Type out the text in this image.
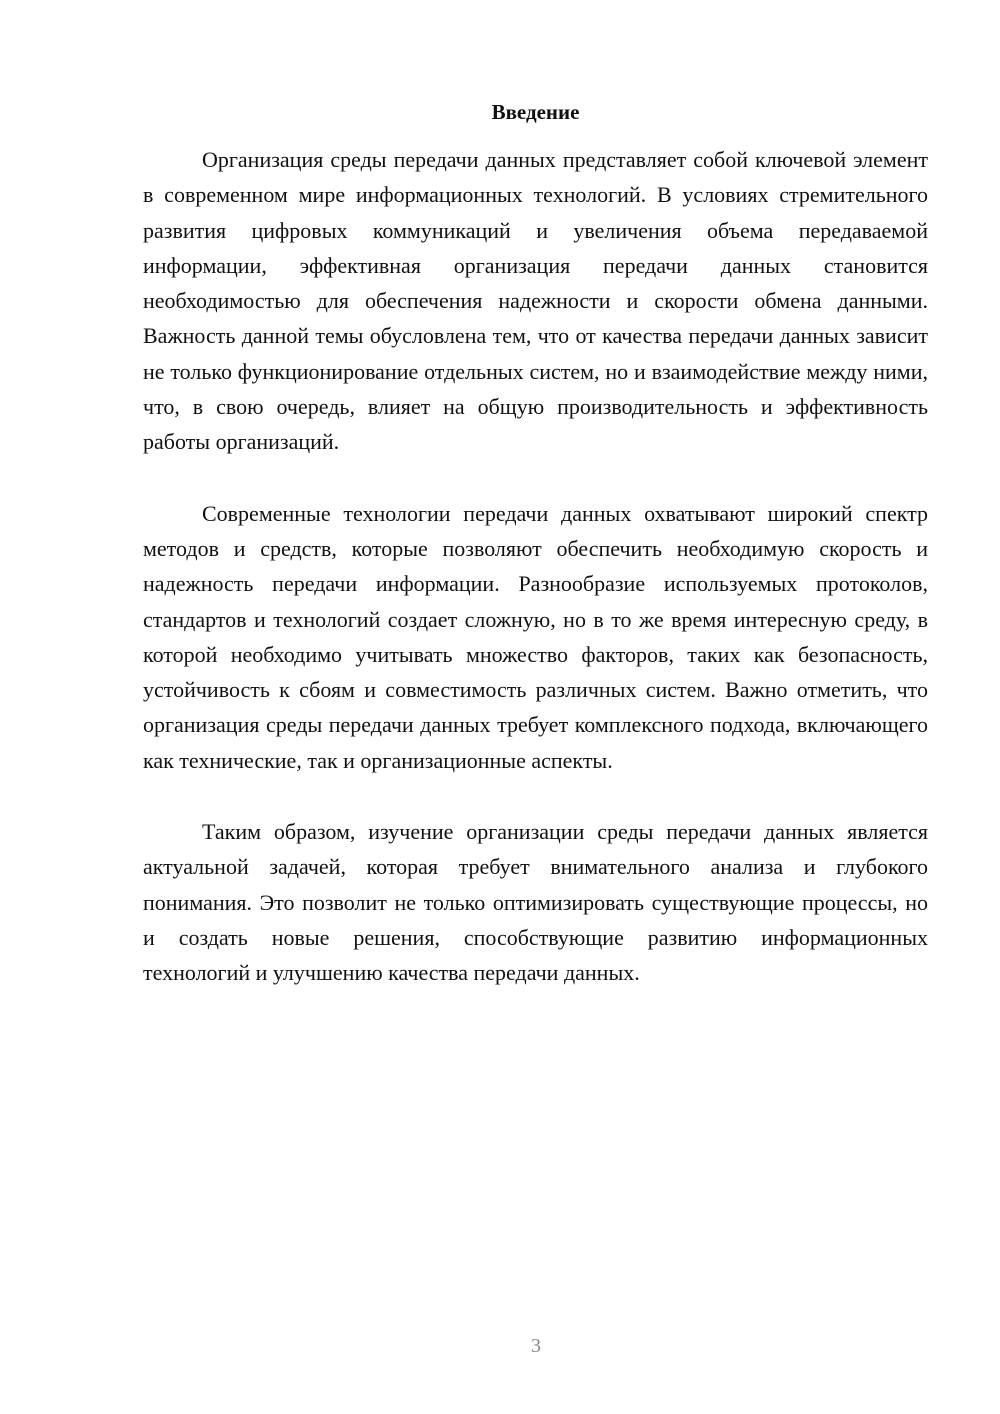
Введение

Организация среды передачи данных представляет собой ключевой элемент в современном мире информационных технологий. В условиях стремительного развития цифровых коммуникаций и увеличения объема передаваемой информации, эффективная организация передачи данных становится необходимостью для обеспечения надежности и скорости обмена данными. Важность данной темы обусловлена тем, что от качества передачи данных зависит не только функционирование отдельных систем, но и взаимодействие между ними, что, в свою очередь, влияет на общую производительность и эффективность работы организаций.

Современные технологии передачи данных охватывают широкий спектр методов и средств, которые позволяют обеспечить необходимую скорость и надежность передачи информации. Разнообразие используемых протоколов, стандартов и технологий создает сложную, но в то же время интересную среду, в которой необходимо учитывать множество факторов, таких как безопасность, устойчивость к сбоям и совместимость различных систем. Важно отметить, что организация среды передачи данных требует комплексного подхода, включающего как технические, так и организационные аспекты.

Таким образом, изучение организации среды передачи данных является актуальной задачей, которая требует внимательного анализа и глубокого понимания. Это позволит не только оптимизировать существующие процессы, но и создать новые решения, способствующие развитию информационных технологий и улучшению качества передачи данных.

3
